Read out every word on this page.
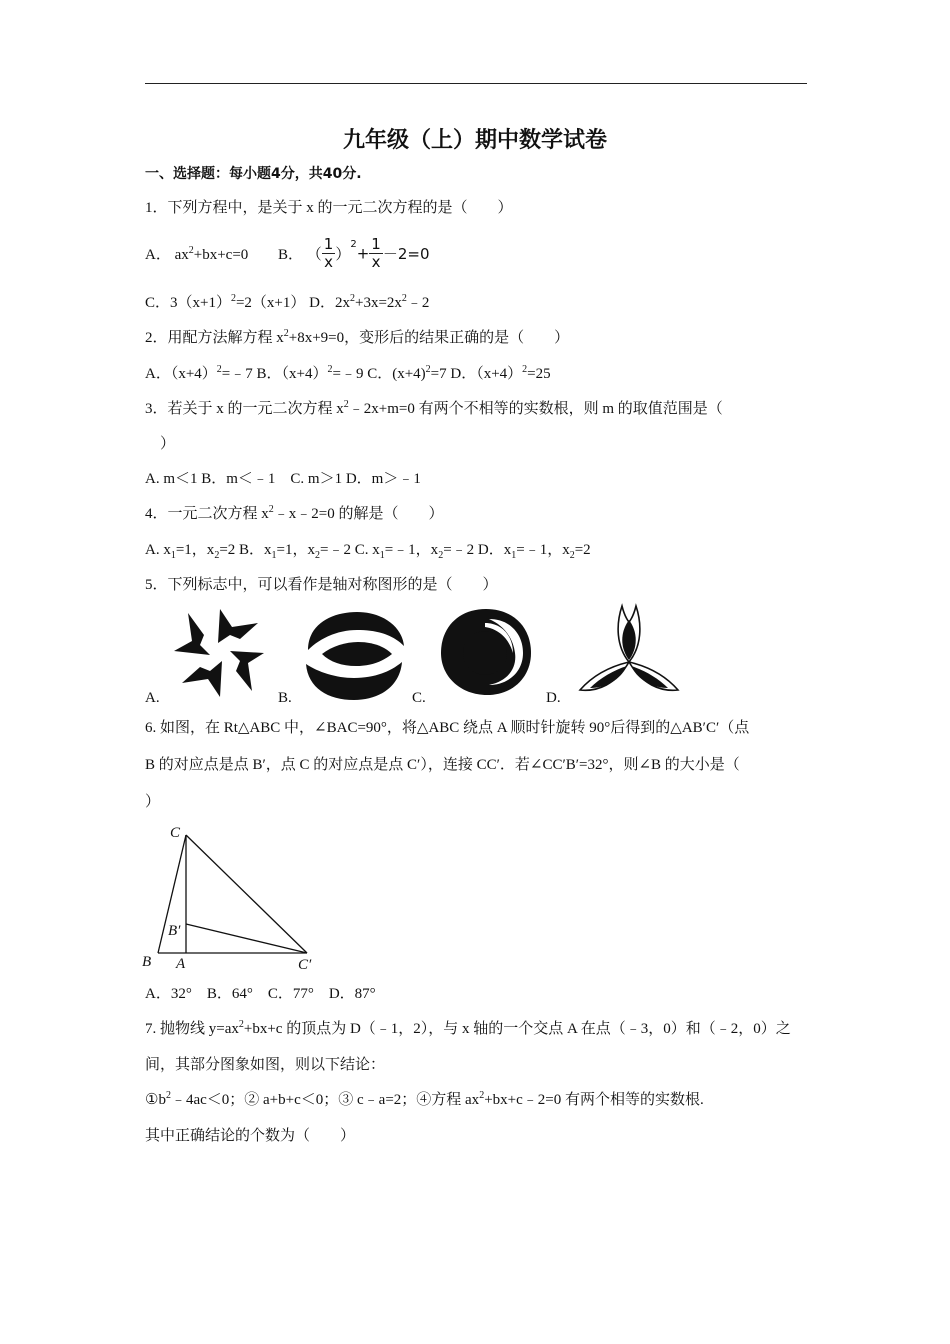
九年级（上）期中数学试卷
一、选择题：每小题4分，共40分.
1．下列方程中，是关于 x 的一元二次方程的是（　　）
A． $ax^2+bx+c=0$ B． （ $\frac{1}{x} )^2+ \frac{1}{x} -2=0$
C．$3(x+1)^2=2(x+1)$ D．$2x^2+3x=2x^2﹣2$
2．用配方法解方程 $x^2+8x+9=0$，变形后的结果正确的是（　　）
A．$(x+4)^2=﹣7$ B．$(x+4)^2=﹣9$ C．$(x+4)^2=7$ D．$(x+4)^2=25$
3．若关于 x 的一元二次方程 $x^2﹣2x+m=0$ 有两个不相等的实数根，则 m 的取值范围是（
）
A. m＜1 B．m＜﹣1　C. m＞1 D．m＞﹣1
4．一元二次方程 $x^2﹣x﹣2=0$ 的解是（　　）
A. $x_1=1$，$x_2=2$ B．$x_1=1$，$x_2=﹣2$ C. $x_1=﹣1$，$x_2=﹣2$ D．$x_1=﹣1$，$x_2=2$
5．下列标志中，可以看作是轴对称图形的是（　　）
A.	B.	C.	D.
6. 如图，在 Rt△ABC 中，∠BAC=90°，将△ABC 绕点 A 顺时针旋转 90°后得到的△AB′C′（点
B 的对应点是点 B′，点 C 的对应点是点 C′），连接 CC′．若∠CC′B′=32°，则∠B 的大小是（
）
C
B′
B A	C′
A．32°　B．64°　C．77°　D．87°
7. 抛物线 $y=ax^2+bx+c$ 的顶点为 D（﹣1，2），与 x 轴的一个交点 A 在点（﹣3，0）和（﹣2，0）之
间，其部分图象如图，则以下结论：
$①b^2﹣4ac<0$；② a+b+c＜0；③ c﹣a=2；④方程 $ax^2+bx+c﹣2=0$ 有两个相等的实数根.
其中正确结论的个数为（　　）
